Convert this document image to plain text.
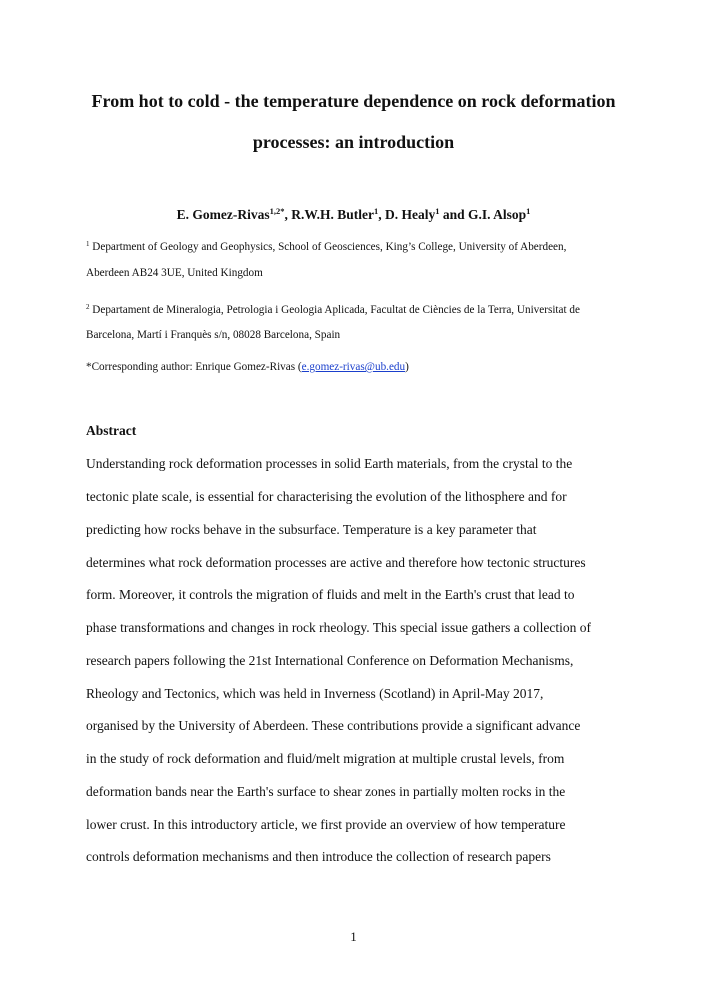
From hot to cold - the temperature dependence on rock deformation
processes: an introduction
E. Gomez-Rivas$^{1,2*}$, R.W.H. Butler$^1$, D. Healy$^1$ and G.I. Alsop$^1$
$^1$ Department of Geology and Geophysics, School of Geosciences, King’s College, University of Aberdeen,
Aberdeen AB24 3UE, United Kingdom
$^2$ Departament de Mineralogia, Petrologia i Geologia Aplicada, Facultat de Ciències de la Terra, Universitat de
Barcelona, Martí i Franquès s/n, 08028 Barcelona, Spain
*Corresponding author: Enrique Gomez-Rivas (e.gomez-rivas@ub.edu)
Abstract
Understanding rock deformation processes in solid Earth materials, from the crystal to the
tectonic plate scale, is essential for characterising the evolution of the lithosphere and for
predicting how rocks behave in the subsurface. Temperature is a key parameter that
determines what rock deformation processes are active and therefore how tectonic structures
form. Moreover, it controls the migration of fluids and melt in the Earth's crust that lead to
phase transformations and changes in rock rheology. This special issue gathers a collection of
research papers following the 21st International Conference on Deformation Mechanisms,
Rheology and Tectonics, which was held in Inverness (Scotland) in April-May 2017,
organised by the University of Aberdeen. These contributions provide a significant advance
in the study of rock deformation and fluid/melt migration at multiple crustal levels, from
deformation bands near the Earth's surface to shear zones in partially molten rocks in the
lower crust. In this introductory article, we first provide an overview of how temperature
controls deformation mechanisms and then introduce the collection of research papers
1
